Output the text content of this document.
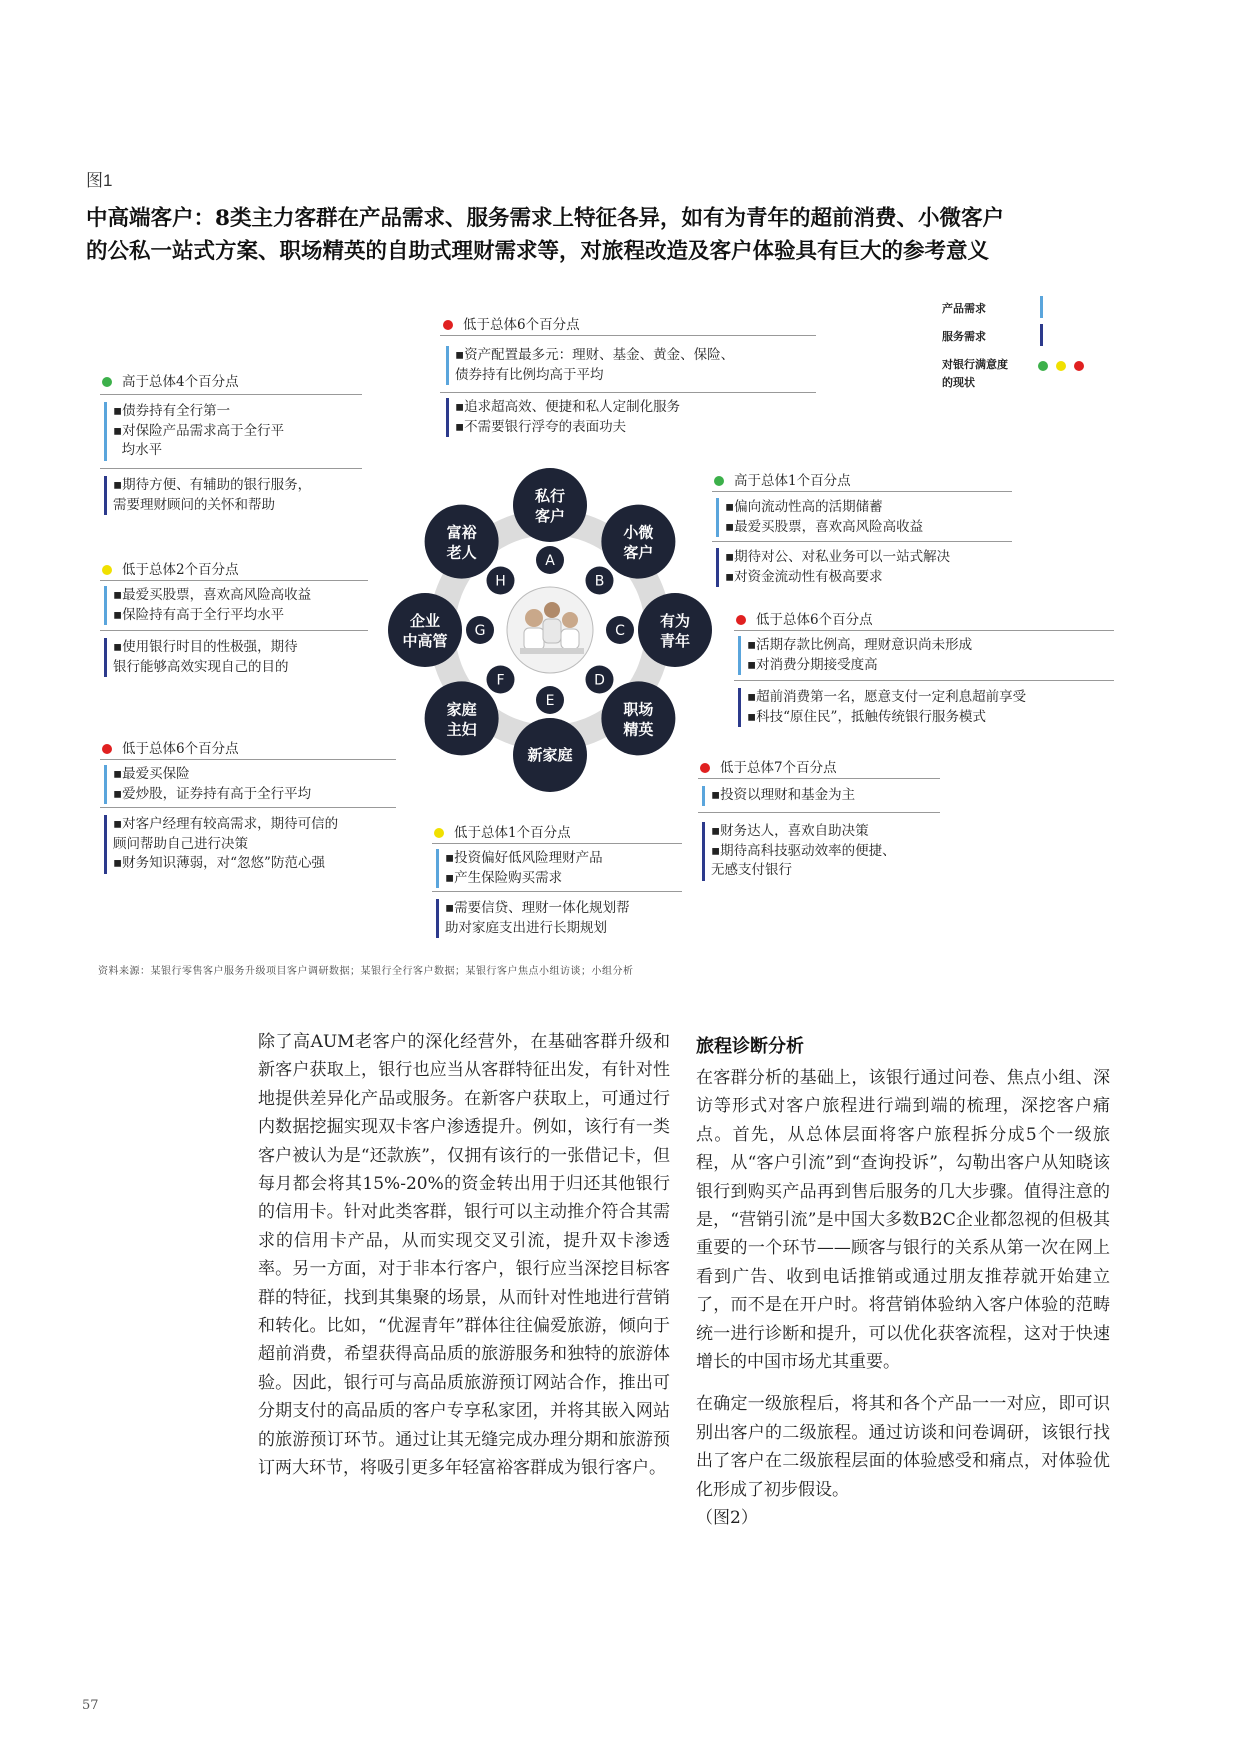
图1
中高端客户：8类主力客群在产品需求、服务需求上特征各异，如有为青年的超前消费、小微客户
的公私一站式方案、职场精英的自助式理财需求等，对旅程改造及客户体验具有巨大的参考意义
产品需求
服务需求
对银行满意度
的现状

A
B
C
D
E
F
G
H
私行
客户
小微
客户
有为
青年
职场
精英
新家庭
家庭
主妇
企业
中高管
富裕
老人
低于总体6个百分点
▪资产配置最多元：理财、基金、黄金、保险、
债券持有比例均高于平均
▪追求超高效、便捷和私人定制化服务
▪不需要银行浮夸的表面功夫
高于总体4个百分点
▪债券持有全行第一
▪对保险产品需求高于全行平
均水平
▪期待方便、有辅助的银行服务，
需要理财顾问的关怀和帮助
高于总体1个百分点
▪偏向流动性高的活期储蓄
▪最爱买股票，喜欢高风险高收益
▪期待对公、对私业务可以一站式解决
▪对资金流动性有极高要求
低于总体2个百分点
▪最爱买股票，喜欢高风险高收益
▪保险持有高于全行平均水平
▪使用银行时目的性极强，期待
银行能够高效实现自己的目的
低于总体6个百分点
▪活期存款比例高，理财意识尚未形成
▪对消费分期接受度高
▪超前消费第一名，愿意支付一定利息超前享受
▪科技“原住民”，抵触传统银行服务模式
低于总体6个百分点
▪最爱买保险
▪爱炒股，证券持有高于全行平均
▪对客户经理有较高需求，期待可信的
顾问帮助自己进行决策
▪财务知识薄弱，对“忽悠”防范心强
低于总体7个百分点
▪投资以理财和基金为主
▪财务达人，喜欢自助决策
▪期待高科技驱动效率的便捷、
无感支付银行
低于总体1个百分点
▪投资偏好低风险理财产品
▪产生保险购买需求
▪需要信贷、理财一体化规划帮
助对家庭支出进行长期规划
资料来源：某银行零售客户服务升级项目客户调研数据；某银行全行客户数据；某银行客户焦点小组访谈；小组分析

除了高AUM老客户的深化经营外，在基础客群升级和新客户获取上，银行也应当从客群特征出发，有针对性地提供差异化产品或服务。在新客户获取上，可通过行内数据挖掘实现双卡客户渗透提升。例如，该行有一类客户被认为是“还款族”，仅拥有该行的一张借记卡，但每月都会将其15%-20%的资金转出用于归还其他银行的信用卡。针对此类客群，银行可以主动推介符合其需求的信用卡产品，从而实现交叉引流，提升双卡渗透率。另一方面，对于非本行客户，银行应当深挖目标客群的特征，找到其集聚的场景，从而针对性地进行营销和转化。比如，“优渥青年”群体往往偏爱旅游，倾向于超前消费，希望获得高品质的旅游服务和独特的旅游体验。因此，银行可与高品质旅游预订网站合作，推出可分期支付的高品质的客户专享私家团，并将其嵌入网站的旅游预订环节。通过让其无缝完成办理分期和旅游预订两大环节，将吸引更多年轻富裕客群成为银行客户。

旅程诊断分析

在客群分析的基础上，该银行通过问卷、焦点小组、深访等形式对客户旅程进行端到端的梳理，深挖客户痛点。首先，从总体层面将客户旅程拆分成5个一级旅程，从“客户引流”到“查询投诉”，勾勒出客户从知晓该银行到购买产品再到售后服务的几大步骤。值得注意的是，“营销引流”是中国大多数B2C企业都忽视的但极其重要的一个环节——顾客与银行的关系从第一次在网上看到广告、收到电话推销或通过朋友推荐就开始建立了，而不是在开户时。将营销体验纳入客户体验的范畴统一进行诊断和提升，可以优化获客流程，这对于快速增长的中国市场尤其重要。

在确定一级旅程后，将其和各个产品一一对应，即可识别出客户的二级旅程。通过访谈和问卷调研，该银行找出了客户在二级旅程层面的体验感受和痛点，对体验优化形成了初步假设。

（图2）

57
